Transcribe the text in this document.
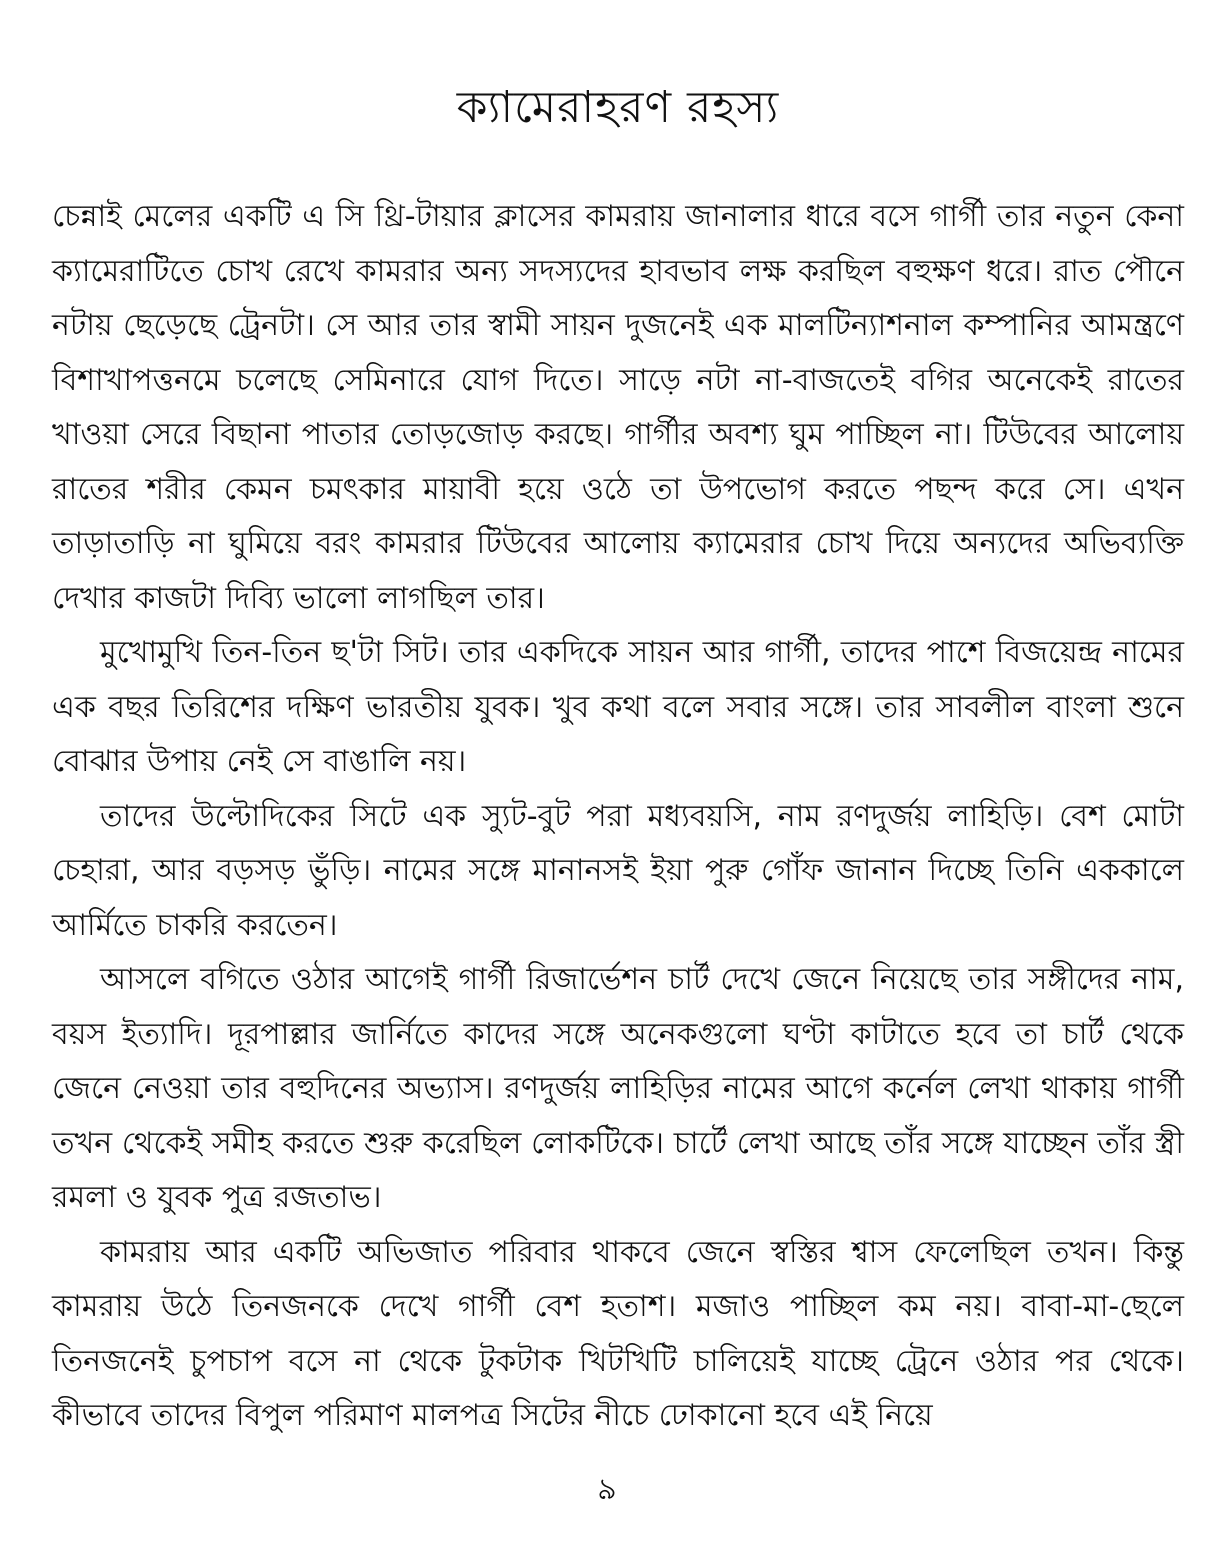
ক্যামেরাহরণ রহস্য

চেন্নাই মেলের একটি এ সি থ্রি-টায়ার ক্লাসের কামরায় জানালার ধারে বসে গার্গী তার নতুন কেনা ক্যামেরাটিতে চোখ রেখে কামরার অন্য সদস্যদের হাবভাব লক্ষ করছিল বহুক্ষণ ধরে। রাত পৌনে নটায় ছেড়েছে ট্রেনটা। সে আর তার স্বামী সায়ন দুজনেই এক মালটিন্যাশনাল কম্পানির আমন্ত্রণে বিশাখাপত্তনমে চলেছে সেমিনারে যোগ দিতে। সাড়ে নটা না-বাজতেই বগির অনেকেই রাতের খাওয়া সেরে বিছানা পাতার তোড়জোড় করছে। গার্গীর অবশ্য ঘুম পাচ্ছিল না। টিউবের আলোয় রাতের শরীর কেমন চমৎকার মায়াবী হয়ে ওঠে তা উপভোগ করতে পছন্দ করে সে। এখন তাড়াতাড়ি না ঘুমিয়ে বরং কামরার টিউবের আলোয় ক্যামেরার চোখ দিয়ে অন্যদের অভিব্যক্তি দেখার কাজটা দিব্যি ভালো লাগছিল তার।

মুখোমুখি তিন-তিন ছ'টা সিট। তার একদিকে সায়ন আর গার্গী, তাদের পাশে বিজয়েন্দ্র নামের এক বছর তিরিশের দক্ষিণ ভারতীয় যুবক। খুব কথা বলে সবার সঙ্গে। তার সাবলীল বাংলা শুনে বোঝার উপায় নেই সে বাঙালি নয়।

তাদের উল্টোদিকের সিটে এক স্যুট-বুট পরা মধ্যবয়সি, নাম রণদুর্জয় লাহিড়ি। বেশ মোটা চেহারা, আর বড়সড় ভুঁড়ি। নামের সঙ্গে মানানসই ইয়া পুরু গোঁফ জানান দিচ্ছে তিনি এককালে আর্মিতে চাকরি করতেন।

আসলে বগিতে ওঠার আগেই গার্গী রিজার্ভেশন চার্ট দেখে জেনে নিয়েছে তার সঙ্গীদের নাম, বয়স ইত্যাদি। দূরপাল্লার জার্নিতে কাদের সঙ্গে অনেকগুলো ঘণ্টা কাটাতে হবে তা চার্ট থেকে জেনে নেওয়া তার বহুদিনের অভ্যাস। রণদুর্জয় লাহিড়ির নামের আগে কর্নেল লেখা থাকায় গার্গী তখন থেকেই সমীহ করতে শুরু করেছিল লোকটিকে। চার্টে লেখা আছে তাঁর সঙ্গে যাচ্ছেন তাঁর স্ত্রী রমলা ও যুবক পুত্র রজতাভ।

কামরায় আর একটি অভিজাত পরিবার থাকবে জেনে স্বস্তির শ্বাস ফেলেছিল তখন। কিন্তু কামরায় উঠে তিনজনকে দেখে গার্গী বেশ হতাশ। মজাও পাচ্ছিল কম নয়। বাবা-মা-ছেলে তিনজনেই চুপচাপ বসে না থেকে টুকটাক খিটখিটি চালিয়েই যাচ্ছে ট্রেনে ওঠার পর থেকে। কীভাবে তাদের বিপুল পরিমাণ মালপত্র সিটের নীচে ঢোকানো হবে এই নিয়ে

৯
